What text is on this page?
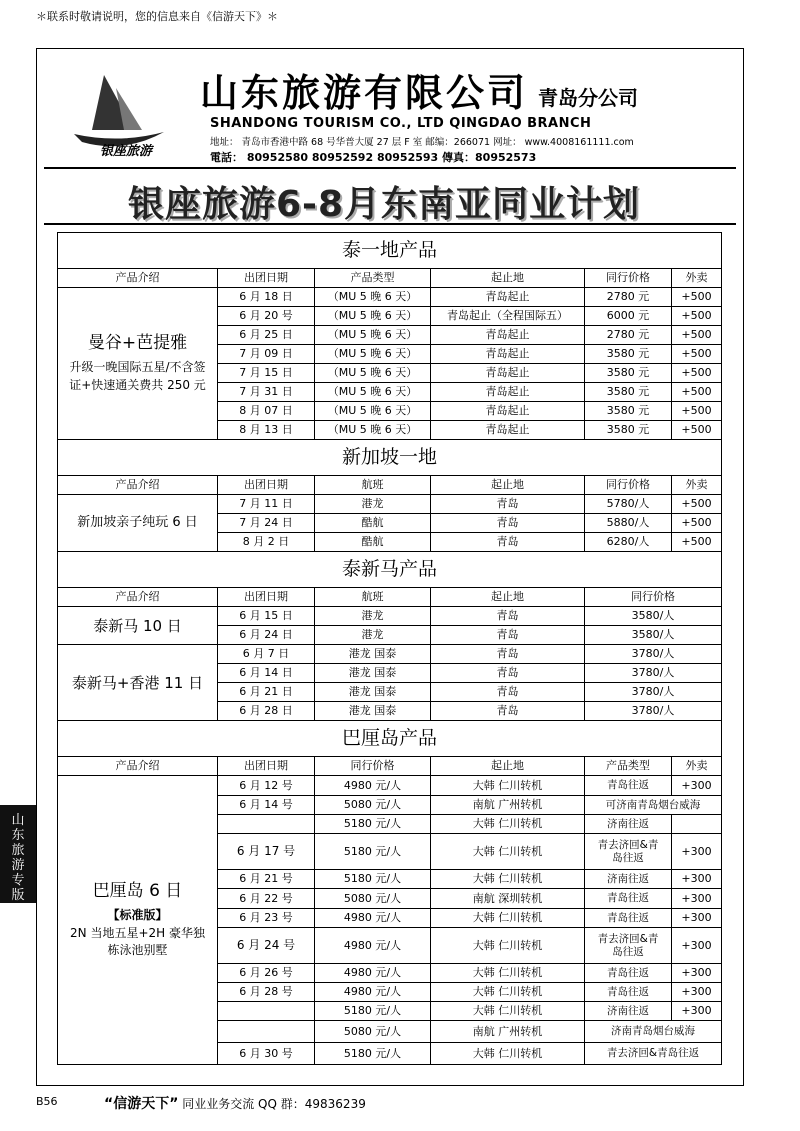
＊联系时敬请说明，您的信息来自《信游天下》＊
银座旅游
山东旅游有限公司 青岛分公司
SHANDONG TOURISM CO., LTD QINGDAO BRANCH
地址： 青岛市香港中路 68 号华普大厦 27 层 F 室 邮编：266071 网址： www.4008161111.com
電話： 80952580 80952592 80952593 傳真：80952573
银座旅游6-8月东南亚同业计划
泰一地产品					
产品介绍	出团日期	产品类型	起止地	同行价格	外卖

曼谷+芭提雅
升级一晚国际五星/不含签证+快速通关费共 250 元	6 月 18 日	（MU 5 晚 6 天）	青岛起止	2780 元	+500
	6 月 20 号	（MU 5 晚 6 天）	青岛起止（全程国际五）	6000 元	+500
	6 月 25 日	（MU 5 晚 6 天）	青岛起止	2780 元	+500
	7 月 09 日	（MU 5 晚 6 天）	青岛起止	3580 元	+500
	7 月 15 日	（MU 5 晚 6 天）	青岛起止	3580 元	+500
	7 月 31 日	（MU 5 晚 6 天）	青岛起止	3580 元	+500
	8 月 07 日	（MU 5 晚 6 天）	青岛起止	3580 元	+500
	8 月 13 日	（MU 5 晚 6 天）	青岛起止	3580 元	+500
新加坡一地					
产品介绍	出团日期	航班	起止地	同行价格	外卖
新加坡亲子纯玩 6 日	7 月 11 日	港龙	青岛	5780/人	+500
	7 月 24 日	酷航	青岛	5880/人	+500
	8 月 2 日	酷航	青岛	6280/人	+500
泰新马产品					
产品介绍	出团日期	航班	起止地	同行价格	
泰新马 10 日	6 月 15 日	港龙	青岛	3580/人	
	6 月 24 日	港龙	青岛	3580/人	
泰新马+香港 11 日	6 月 7 日	港龙 国泰	青岛	3780/人	
	6 月 14 日	港龙 国泰	青岛	3780/人	
	6 月 21 日	港龙 国泰	青岛	3780/人	
	6 月 28 日	港龙 国泰	青岛	3780/人	
巴厘岛产品					
产品介绍	出团日期	同行价格	起止地	产品类型	外卖

巴厘岛 6 日
【标准版】
2N 当地五星+2H 豪华独栋泳池别墅	6 月 12 号	4980 元/人	大韩 仁川转机	青岛往返	+300
	6 月 14 号	5080 元/人	南航 广州转机	可济南青岛烟台威海	
		5180 元/人	大韩 仁川转机	济南往返	
	6 月 17 号	5180 元/人	大韩 仁川转机	青去济回&青岛往返	+300
	6 月 21 号	5180 元/人	大韩 仁川转机	济南往返	+300
	6 月 22 号	5080 元/人	南航 深圳转机	青岛往返	+300
	6 月 23 号	4980 元/人	大韩 仁川转机	青岛往返	+300
	6 月 24 号	4980 元/人	大韩 仁川转机	青去济回&青岛往返	+300
	6 月 26 号	4980 元/人	大韩 仁川转机	青岛往返	+300
	6 月 28 号	4980 元/人	大韩 仁川转机	青岛往返	+300
		5180 元/人	大韩 仁川转机	济南往返	+300
		5080 元/人	南航 广州转机	济南青岛烟台威海	
	6 月 30 号	5180 元/人	大韩 仁川转机	青去济回&青岛往返	
山
东
旅
游
专
版
B56	“信游天下” 同业业务交流 QQ 群：49836239
